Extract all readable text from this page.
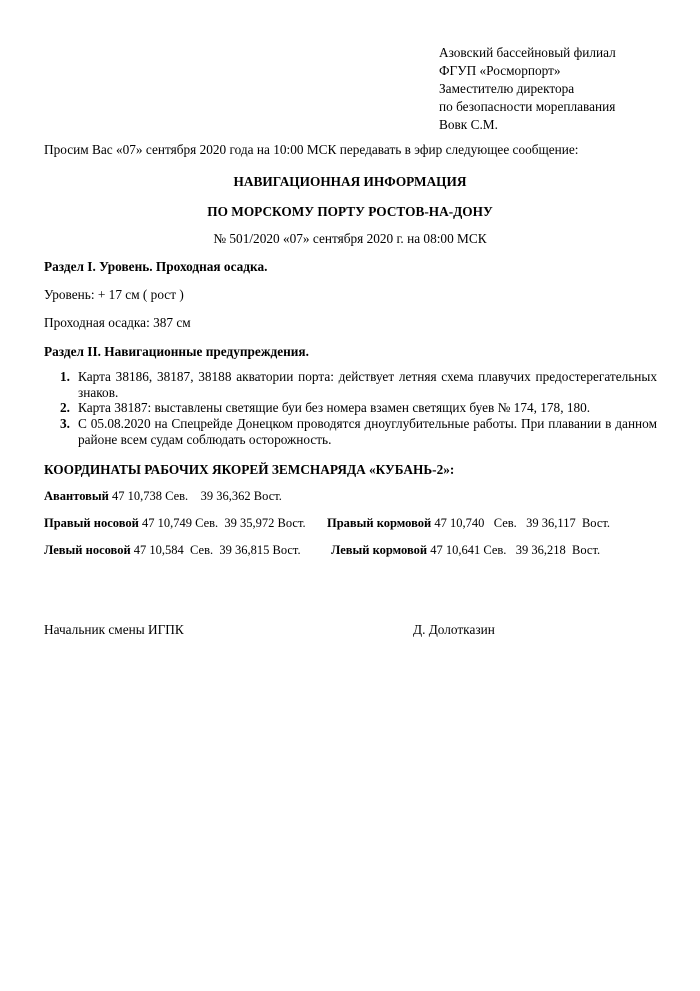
Азовский бассейновый филиал
ФГУП «Росморпорт»
Заместителю директора
по безопасности мореплавания
Вовк С.М.
Просим Вас «07» сентября 2020 года на 10:00 МСК передавать в эфир следующее сообщение:
НАВИГАЦИОННАЯ ИНФОРМАЦИЯ
ПО МОРСКОМУ ПОРТУ РОСТОВ-НА-ДОНУ
№ 501/2020 «07» сентября 2020 г. на 08:00 МСК
Раздел I. Уровень. Проходная осадка.
Уровень: + 17 см ( рост )
Проходная осадка: 387 см
Раздел II. Навигационные предупреждения.
1. Карта 38186, 38187, 38188 акватории порта: действует летняя схема плавучих предостерегательных знаков.
2. Карта 38187: выставлены светящие буи без номера взамен светящих буев № 174, 178, 180.
3. С 05.08.2020 на Спецрейде Донецком проводятся дноуглубительные работы. При плавании в данном районе всем судам соблюдать осторожность.
КООРДИНАТЫ РАБОЧИХ ЯКОРЕЙ ЗЕМСНАРЯДА «КУБАНЬ-2»:
Авантовый 47 10,738 Сев.    39 36,362 Вост.
Правый носовой 47 10,749 Сев.  39 35,972 Вост. Правый кормовой 47 10,740   Сев.   39 36,117  Вост.
Левый носовой 47 10,584  Сев.  39 36,815 Вост. Левый кормовой 47 10,641 Сев.   39 36,218  Вост.
Начальник смены ИГПК	Д. Долотказин
